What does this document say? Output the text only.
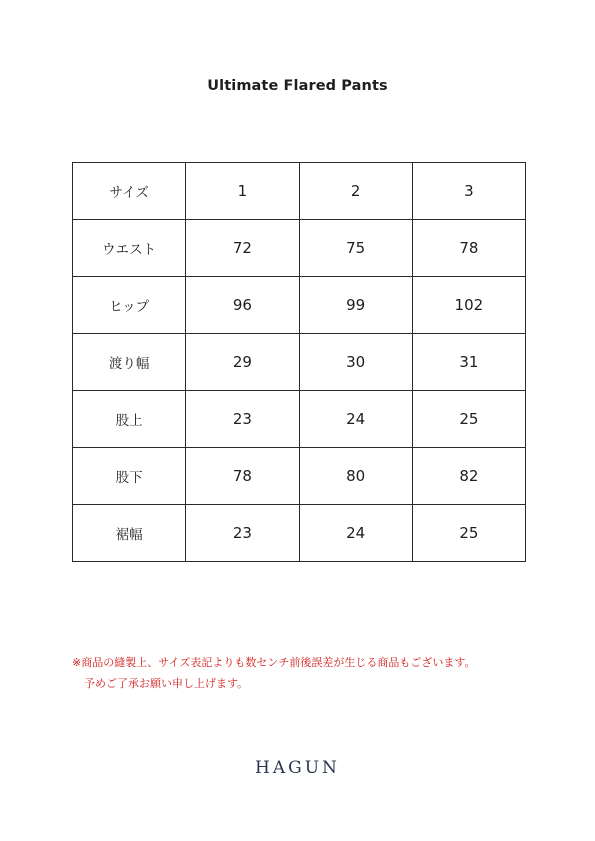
Ultimate Flared Pants
サイズ	1	2	3
ウエスト	72	75	78
ヒップ	96	99	102
渡り幅	29	30	31
股上	23	24	25
股下	78	80	82
裾幅	23	24	25
※商品の縫製上、サイズ表記よりも数センチ前後誤差が生じる商品もございます。
予めご了承お願い申し上げます。
HAGUN
